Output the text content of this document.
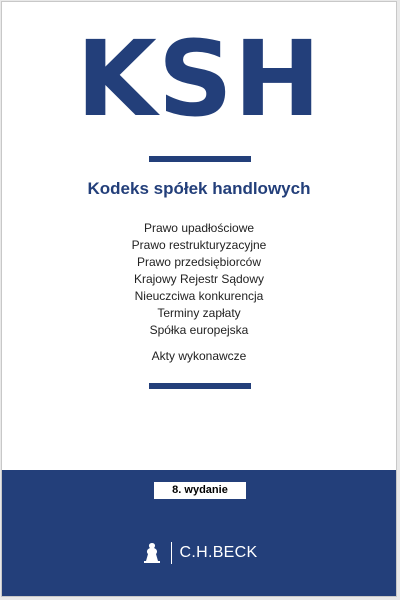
KSH
Kodeks spółek handlowych
Prawo upadłościowe
Prawo restrukturyzacyjne
Prawo przedsiębiorców
Krajowy Rejestr Sądowy
Nieuczciwa konkurencja
Terminy zapłaty
Spółka europejska
Akty wykonawcze
8. wydanie
C.H.BECK
